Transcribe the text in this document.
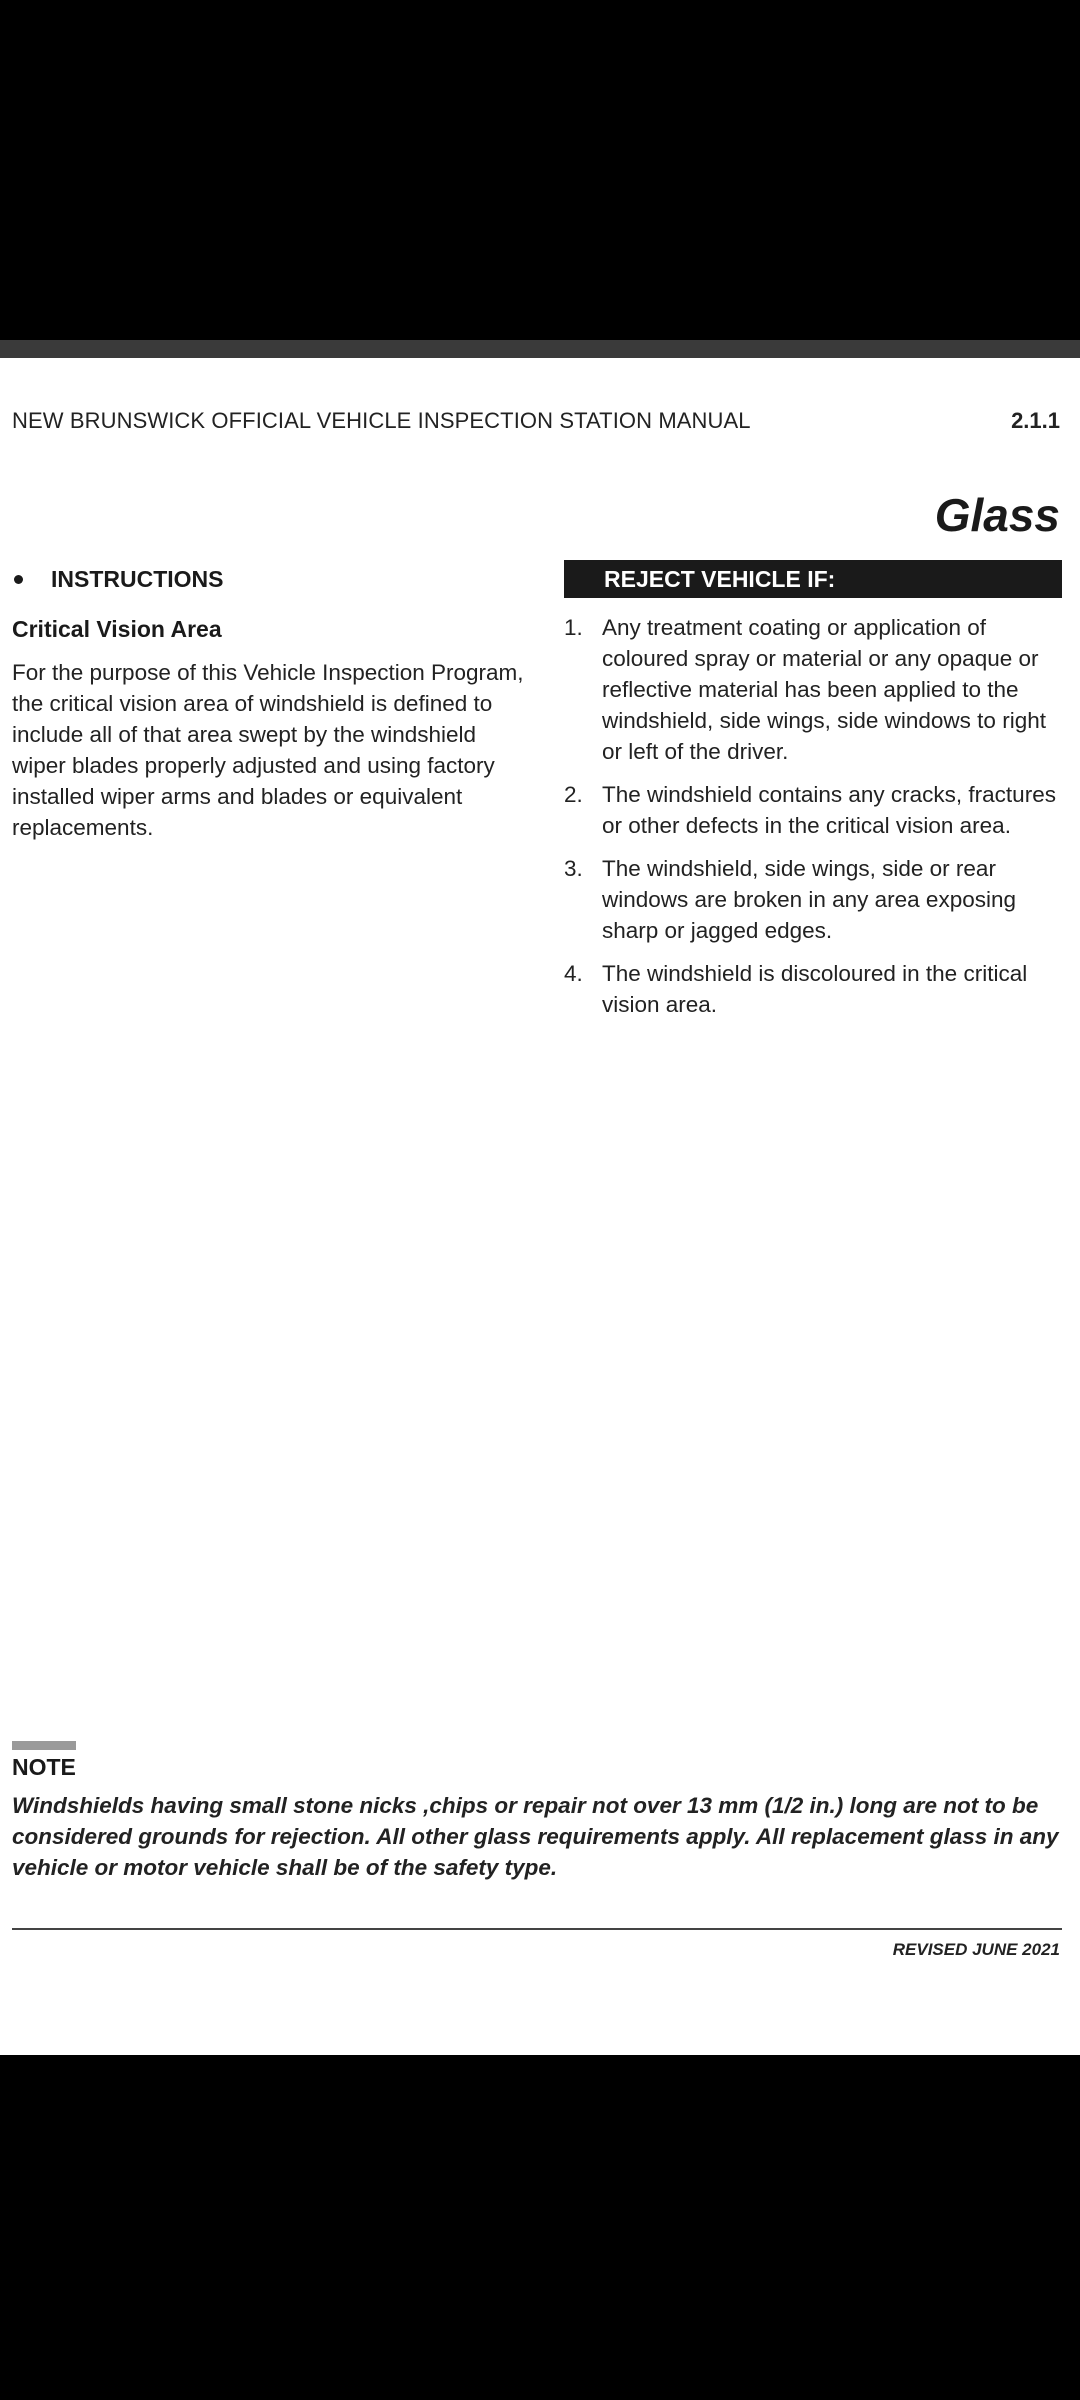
NEW BRUNSWICK OFFICIAL VEHICLE INSPECTION STATION MANUAL	2.1.1
Glass
INSTRUCTIONS
Critical Vision Area
For the purpose of this Vehicle Inspection Program, the critical vision area of windshield is defined to include all of that area swept by the windshield wiper blades properly adjusted and using factory installed wiper arms and blades or equivalent replacements.
REJECT VEHICLE IF:
1. Any treatment coating or application of coloured spray or material or any opaque or reflective material has been applied to the windshield, side wings, side windows to right or left of the driver.
2. The windshield contains any cracks, fractures or other defects in the critical vision area.
3. The windshield, side wings, side or rear windows are broken in any area exposing sharp or jagged edges.
4. The windshield is discoloured in the critical vision area.
NOTE
Windshields having small stone nicks ,chips or repair not over 13 mm (1/2 in.) long are not to be considered grounds for rejection. All other glass requirements apply. All replacement glass in any vehicle or motor vehicle shall be of the safety type.
REVISED JUNE 2021
